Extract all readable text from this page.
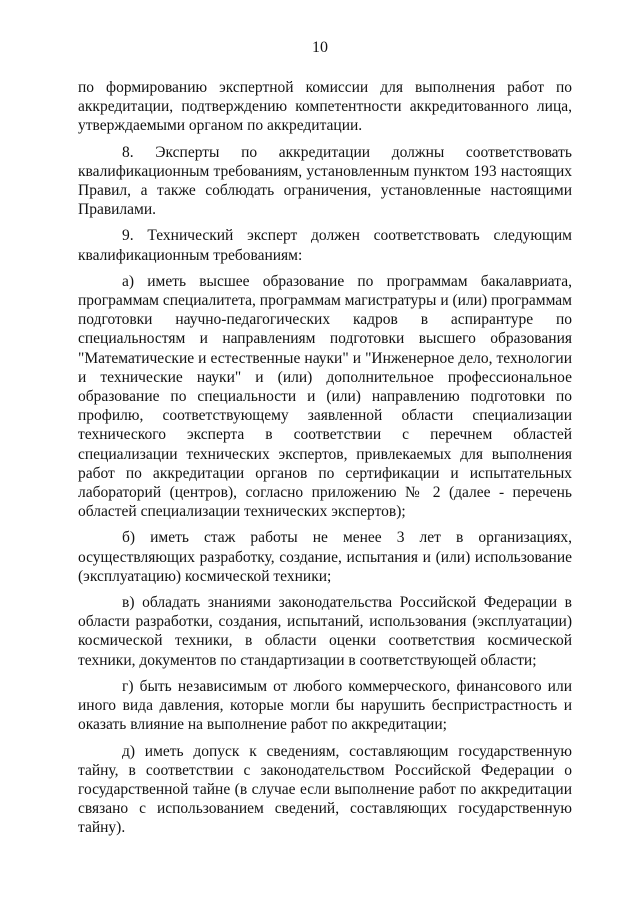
10

по формированию экспертной комиссии для выполнения работ по аккредитации, подтверждению компетентности аккредитованного лица, утверждаемыми органом по аккредитации.

8. Эксперты по аккредитации должны соответствовать квалификационным требованиям, установленным пунктом 193 настоящих Правил, а также соблюдать ограничения, установленные настоящими Правилами.

9. Технический эксперт должен соответствовать следующим квалификационным требованиям:

а) иметь высшее образование по программам бакалавриата, программам специалитета, программам магистратуры и (или) программам подготовки научно-педагогических кадров в аспирантуре по специальностям и направлениям подготовки высшего образования "Математические и естественные науки" и "Инженерное дело, технологии и технические науки" и (или) дополнительное профессиональное образование по специальности и (или) направлению подготовки по профилю, соответствующему заявленной области специализации технического эксперта в соответствии с перечнем областей специализации технических экспертов, привлекаемых для выполнения работ по аккредитации органов по сертификации и испытательных лабораторий (центров), согласно приложению № 2 (далее - перечень областей специализации технических экспертов);

б) иметь стаж работы не менее 3 лет в организациях, осуществляющих разработку, создание, испытания и (или) использование (эксплуатацию) космической техники;

в) обладать знаниями законодательства Российской Федерации в области разработки, создания, испытаний, использования (эксплуатации) космической техники, в области оценки соответствия космической техники, документов по стандартизации в соответствующей области;

г) быть независимым от любого коммерческого, финансового или иного вида давления, которые могли бы нарушить беспристрастность и оказать влияние на выполнение работ по аккредитации;

д) иметь допуск к сведениям, составляющим государственную тайну, в соответствии с законодательством Российской Федерации о государственной тайне (в случае если выполнение работ по аккредитации связано с использованием сведений, составляющих государственную тайну).
